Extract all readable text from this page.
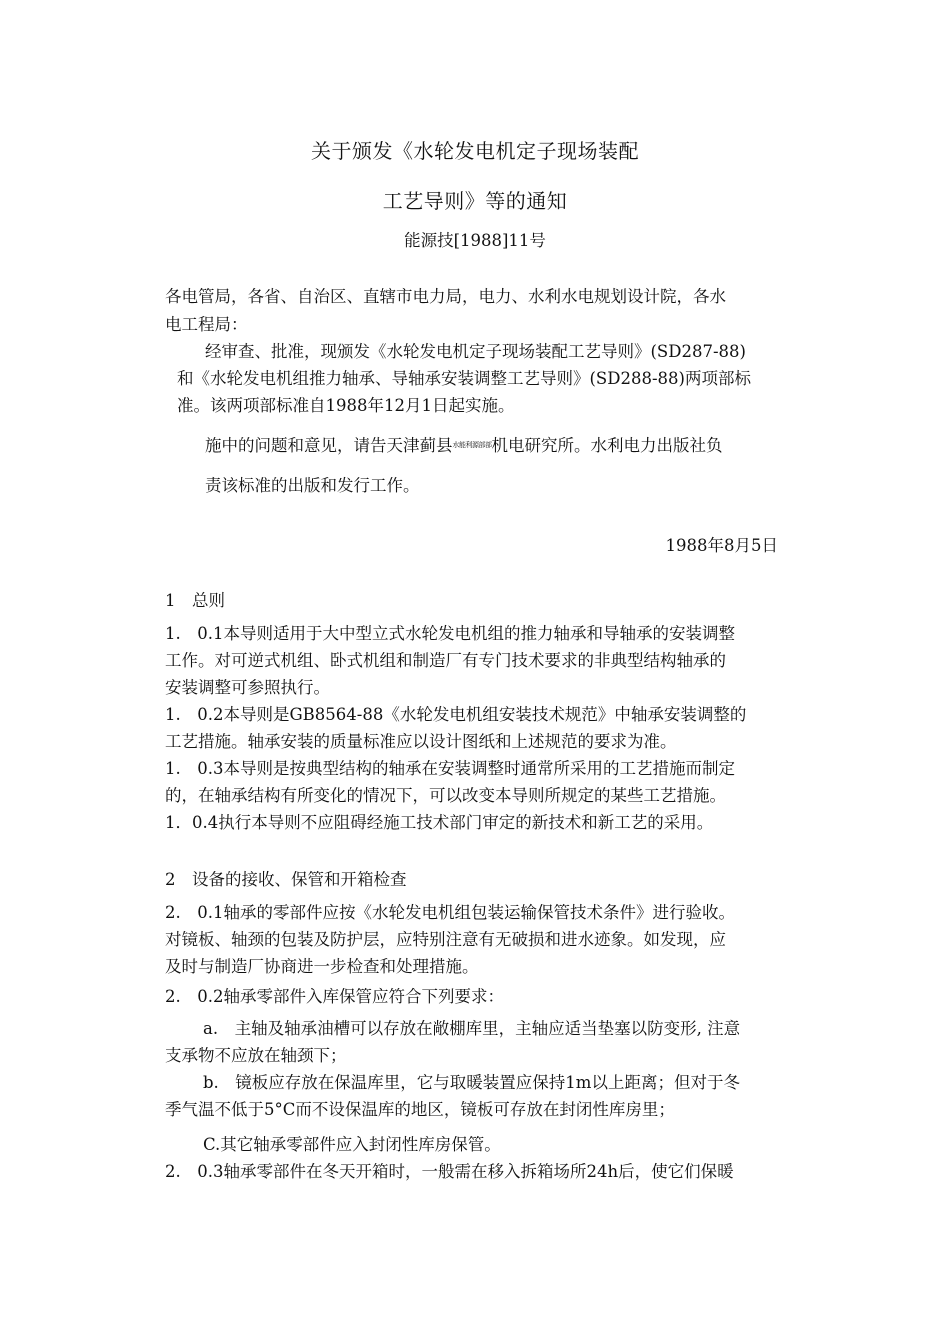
关于颁发《水轮发电机定子现场装配
工艺导则》等的通知
能源技[1988]11号
各电管局，各省、自治区、直辖市电力局，电力、水利水电规划设计院，各水
电工程局：
经审查、批准，现颁发《水轮发电机定子现场装配工艺导则》(SD287-88)
和《水轮发电机组推力轴承、导轴承安装调整工艺导则》(SD288-88)两项部标
准。该两项部标准自1988年12月1日起实施。
施中的问题和意见，请告天津蓟县$^{水能利源部部}$机电研究所。水利电力出版社负
责该标准的出版和发行工作。
1988年8月5日
1　总则
1.　0.1本导则适用于大中型立式水轮发电机组的推力轴承和导轴承的安装调整
工作。对可逆式机组、卧式机组和制造厂有专门技术要求的非典型结构轴承的
安装调整可参照执行。
1.　0.2本导则是GB8564-88《水轮发电机组安装技术规范》中轴承安装调整的
工艺措施。轴承安装的质量标准应以设计图纸和上述规范的要求为准。
1.　0.3本导则是按典型结构的轴承在安装调整时通常所采用的工艺措施而制定
的，在轴承结构有所变化的情况下，可以改变本导则所规定的某些工艺措施。
1．0.4执行本导则不应阻碍经施工技术部门审定的新技术和新工艺的采用。
2　设备的接收、保管和开箱检查
2.　0.1轴承的零部件应按《水轮发电机组包装运输保管技术条件》进行验收。
对镜板、轴颈的包装及防护层，应特别注意有无破损和进水迹象。如发现，应
及时与制造厂协商进一步检查和处理措施。
2.　0.2轴承零部件入库保管应符合下列要求：
a.　主轴及轴承油槽可以存放在敞棚库里，主轴应适当垫塞以防变形, 注意
支承物不应放在轴颈下；
b.　镜板应存放在保温库里，它与取暖装置应保持1m以上距离；但对于冬
季气温不低于5°C而不设保温库的地区，镜板可存放在封闭性库房里；
C.其它轴承零部件应入封闭性库房保管。
2.　0.3轴承零部件在冬天开箱时，一般需在移入拆箱场所24h后，使它们保暖
